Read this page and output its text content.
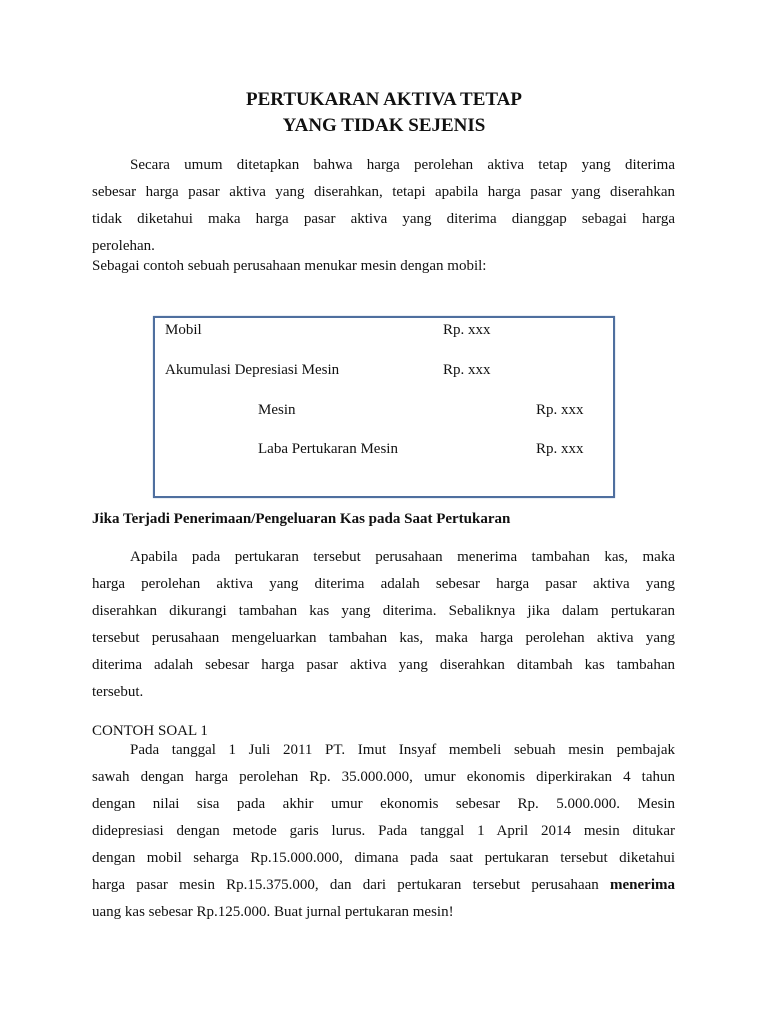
PERTUKARAN AKTIVA TETAP
YANG TIDAK SEJENIS
Secara umum ditetapkan bahwa harga perolehan aktiva tetap yang diterima
sebesar harga pasar aktiva yang diserahkan, tetapi apabila harga pasar yang diserahkan
tidak diketahui maka harga pasar aktiva yang diterima dianggap sebagai harga
perolehan.
Sebagai contoh sebuah perusahaan menukar mesin dengan mobil:
Mobil	Rp. xxx
Akumulasi Depresiasi Mesin	Rp. xxx
Mesin	Rp. xxx
Laba Pertukaran Mesin	Rp. xxx
Jika Terjadi Penerimaan/Pengeluaran Kas pada Saat Pertukaran
Apabila pada pertukaran tersebut perusahaan menerima tambahan kas, maka
harga perolehan aktiva yang diterima adalah sebesar harga pasar aktiva yang
diserahkan dikurangi tambahan kas yang diterima. Sebaliknya jika dalam pertukaran
tersebut perusahaan mengeluarkan tambahan kas, maka harga perolehan aktiva yang
diterima adalah sebesar harga pasar aktiva yang diserahkan ditambah kas tambahan
tersebut.
CONTOH SOAL 1
Pada tanggal 1 Juli 2011 PT. Imut Insyaf membeli sebuah mesin pembajak
sawah dengan harga perolehan Rp. 35.000.000, umur ekonomis diperkirakan 4 tahun
dengan nilai sisa pada akhir umur ekonomis sebesar Rp. 5.000.000. Mesin
didepresiasi dengan metode garis lurus. Pada tanggal 1 April 2014 mesin ditukar
dengan mobil seharga Rp.15.000.000, dimana pada saat pertukaran tersebut diketahui
harga pasar mesin Rp.15.375.000, dan dari pertukaran tersebut perusahaan menerima
uang kas sebesar Rp.125.000. Buat jurnal pertukaran mesin!
